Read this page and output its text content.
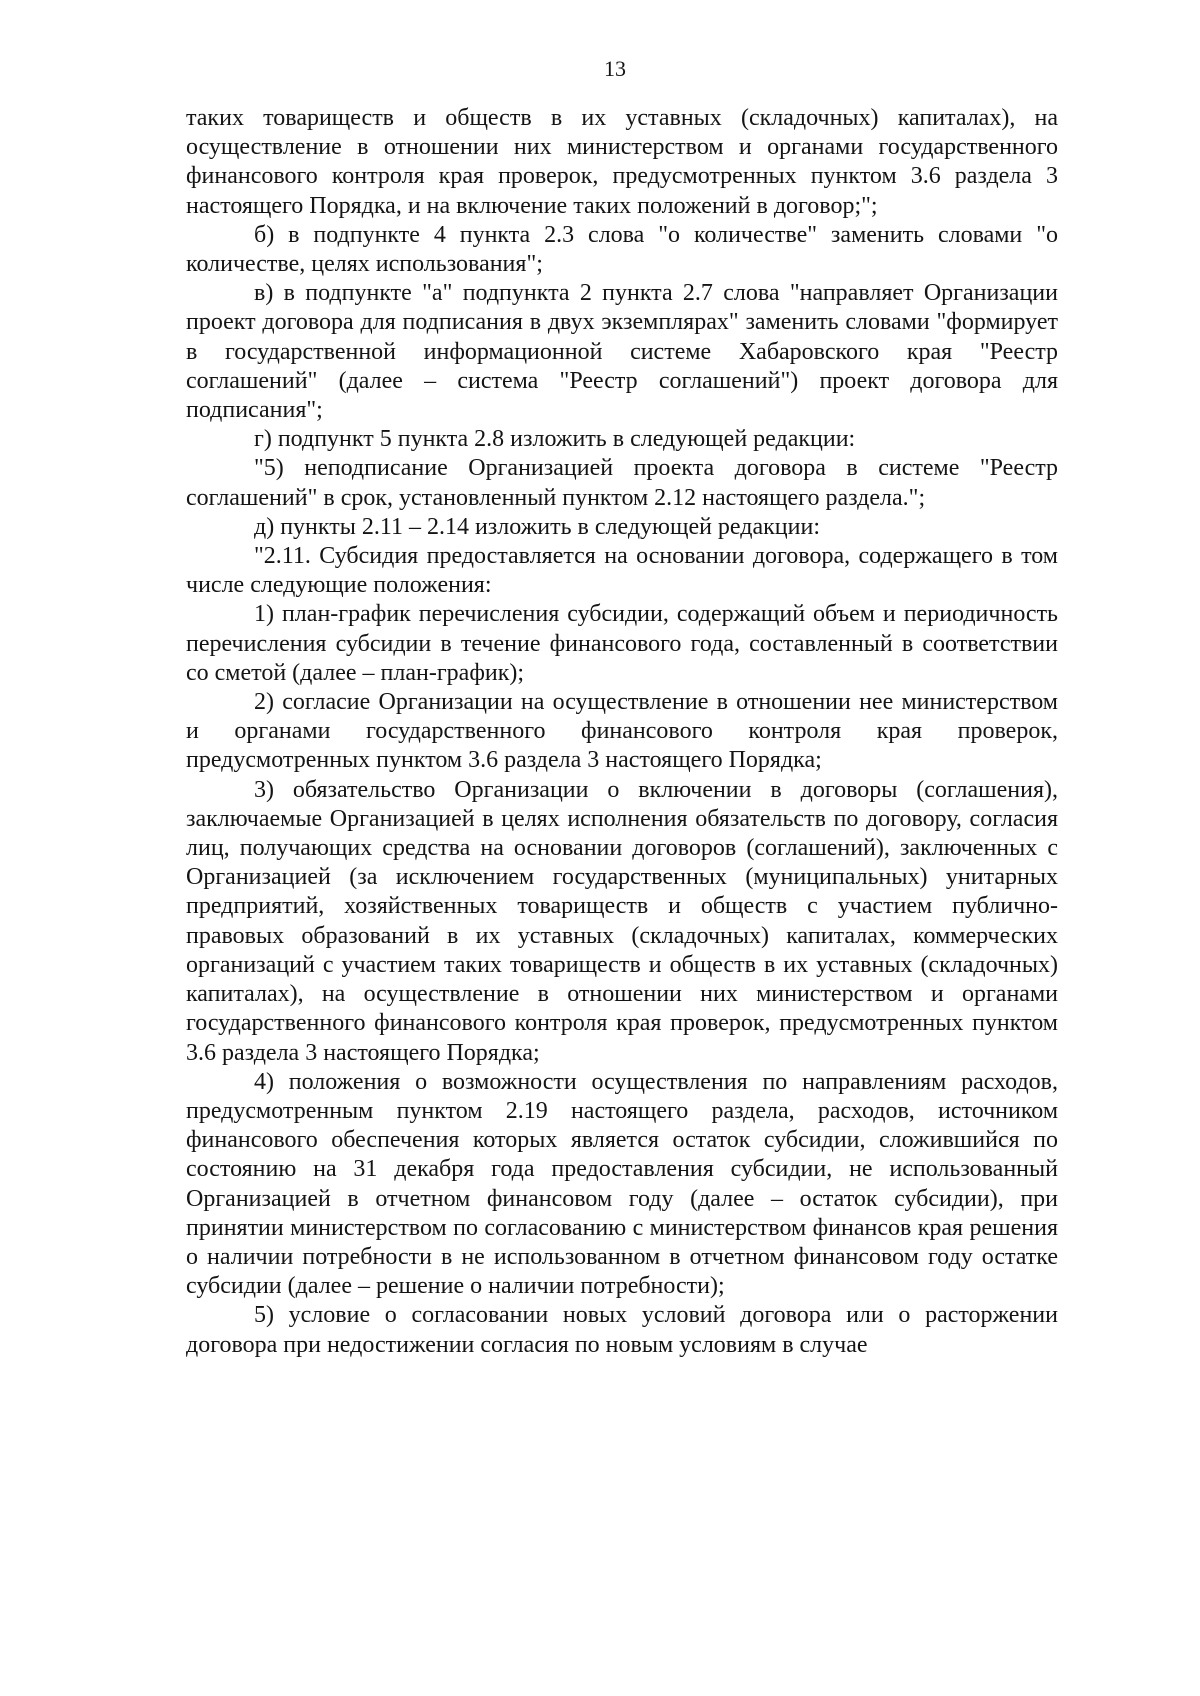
13

таких товариществ и обществ в их уставных (складочных) капиталах), на осуществление в отношении них министерством и органами государственного финансового контроля края проверок, предусмотренных пунктом 3.6 раздела 3 настоящего Порядка, и на включение таких положений в договор;";

б) в подпункте 4 пункта 2.3 слова "о количестве" заменить словами "о количестве, целях использования";

в) в подпункте "а" подпункта 2 пункта 2.7 слова "направляет Организации проект договора для подписания в двух экземплярах" заменить словами "формирует в государственной информационной системе Хабаровского края "Реестр соглашений" (далее – система "Реестр соглашений") проект договора для подписания";

г) подпункт 5 пункта 2.8 изложить в следующей редакции:

"5) неподписание Организацией проекта договора в системе "Реестр соглашений" в срок, установленный пунктом 2.12 настоящего раздела.";

д) пункты 2.11 – 2.14 изложить в следующей редакции:

"2.11. Субсидия предоставляется на основании договора, содержащего в том числе следующие положения:

1) план-график перечисления субсидии, содержащий объем и периодичность перечисления субсидии в течение финансового года, составленный в соответствии со сметой (далее – план-график);

2) согласие Организации на осуществление в отношении нее министерством и органами государственного финансового контроля края проверок, предусмотренных пунктом 3.6 раздела 3 настоящего Порядка;

3) обязательство Организации о включении в договоры (соглашения), заключаемые Организацией в целях исполнения обязательств по договору, согласия лиц, получающих средства на основании договоров (соглашений), заключенных с Организацией (за исключением государственных (муниципальных) унитарных предприятий, хозяйственных товариществ и обществ с участием публично-правовых образований в их уставных (складочных) капиталах, коммерческих организаций с участием таких товариществ и обществ в их уставных (складочных) капиталах), на осуществление в отношении них министерством и органами государственного финансового контроля края проверок, предусмотренных пунктом 3.6 раздела 3 настоящего Порядка;

4) положения о возможности осуществления по направлениям расходов, предусмотренным пунктом 2.19 настоящего раздела, расходов, источником финансового обеспечения которых является остаток субсидии, сложившийся по состоянию на 31 декабря года предоставления субсидии, не использованный Организацией в отчетном финансовом году (далее – остаток субсидии), при принятии министерством по согласованию с министерством финансов края решения о наличии потребности в не использованном в отчетном финансовом году остатке субсидии (далее – решение о наличии потребности);

5) условие о согласовании новых условий договора или о расторжении договора при недостижении согласия по новым условиям в случае
